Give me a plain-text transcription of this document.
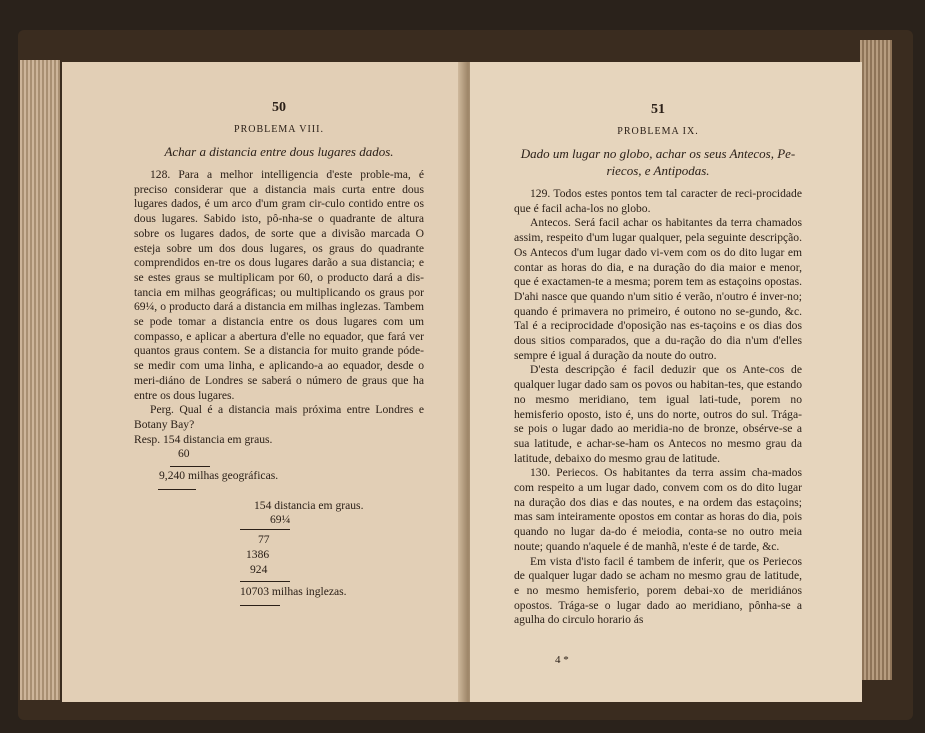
50
PROBLEMA VIII.
Achar a distancia entre dous lugares dados.

128. Para a melhor intelligencia d'este proble-ma, é preciso considerar que a distancia mais curta entre dous lugares dados, é um arco d'um gram cir-culo contido entre os dous lugares. Sabido isto, pô-nha-se o quadrante de altura sobre os lugares dados, de sorte que a divisão marcada O esteja sobre um dos dous lugares, os graus do quadrante comprendidos en-tre os dous lugares darão a sua distancia; e se estes graus se multiplicam por 60, o producto dará a dis-tancia em milhas geográficas; ou multiplicando os graus por 69¼, o producto dará a distancia em milhas inglezas. Tambem se pode tomar a distancia entre os dous lugares com um compasso, e aplicar a abertura d'elle no equador, que fará ver quantos graus contem. Se a distancia for muito grande póde-se medir com uma linha, e aplicando-a ao equador, desde o meri-diáno de Londres se saberá o número de graus que ha entre os dous lugares.

Perg. Qual é a distancia mais próxima entre Londres e Botany Bay?

Resp. 154 distancia em graus.
60
9,240 milhas geográficas.
154 distancia em graus.
69¼
77
1386
924
10703 milhas inglezas.
51
PROBLEMA IX.
Dado um lugar no globo, achar os seus Antecos, Pe-riecos, e Antipodas.

129. Todos estes pontos tem tal caracter de reci-procidade que é facil acha-los no globo.

Antecos. Será facil achar os habitantes da terra chamados assim, respeito d'um lugar qualquer, pela seguinte descripção. Os Antecos d'um lugar dado vi-vem com os do dito lugar em contar as horas do dia, e na duração do dia maior e menor, que é exactamen-te a mesma; porem tem as estaçoins opostas. D'ahi nasce que quando n'um sitio é verão, n'outro é inver-no; quando é primavera no primeiro, é outono no se-gundo, &c. Tal é a reciprocidade d'oposição nas es-taçoins e os dias dos dous sitios comparados, que a du-ração do dia n'um d'elles sempre é igual á duração da noute do outro.

D'esta descripção é facil deduzir que os Ante-cos de qualquer lugar dado sam os povos ou habitan-tes, que estando no mesmo meridiano, tem igual lati-tude, porem no hemisferio oposto, isto é, uns do norte, outros do sul. Trága-se pois o lugar dado ao meridia-no de bronze, obsérve-se a sua latitude, e achar-se-ham os Antecos no mesmo grau da latitude, debaixo do mesmo grau de latitude.

130. Periecos. Os habitantes da terra assim cha-mados com respeito a um lugar dado, convem com os do dito lugar na duração dos dias e das noutes, e na ordem das estaçoins; mas sam inteiramente opostos em contar as horas do dia, pois quando no lugar da-do é meiodia, conta-se no outro meia noute; quando n'aquele é de manhã, n'este é de tarde, &c.

Em vista d'isto facil é tambem de inferir, que os Periecos de qualquer lugar dado se acham no mesmo grau de latitude, e no mesmo hemisferio, porem debai-xo de meridiános opostos. Trága-se o lugar dado ao meridiano, pônha-se a agulha do circulo horario ás

4 *
